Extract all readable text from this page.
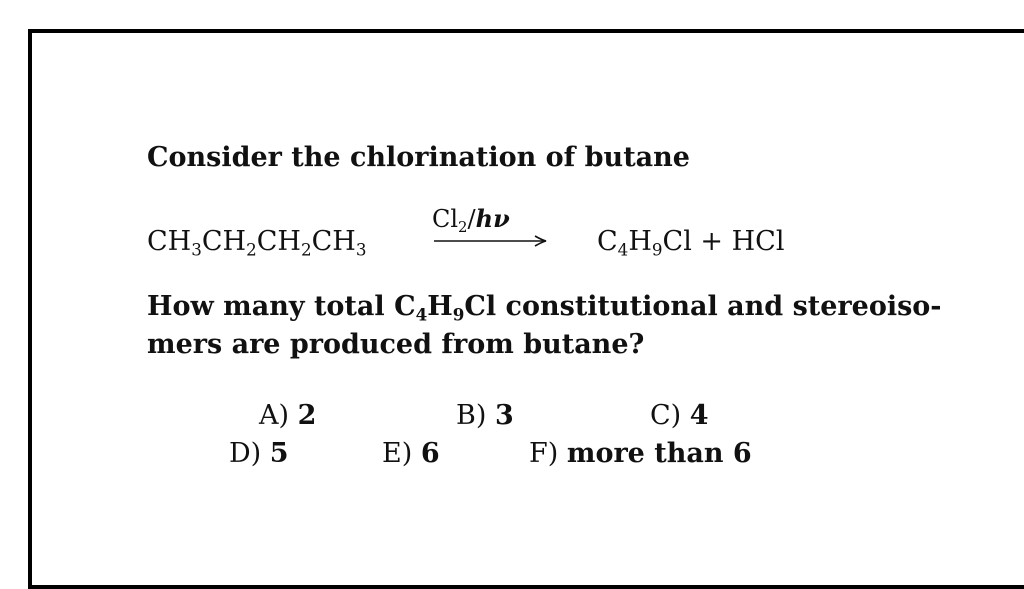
Consider the chlorination of butane
$CH_3CH_2CH_2CH_3$
$Cl_2/h\nu$
$C_4H_9Cl$ + HCl
How many total $C_4H_9Cl$ constitutional and stereoiso-
mers are produced from butane?
A) 2	B) 3	C) 4
D) 5	E) 6	F) more than 6
